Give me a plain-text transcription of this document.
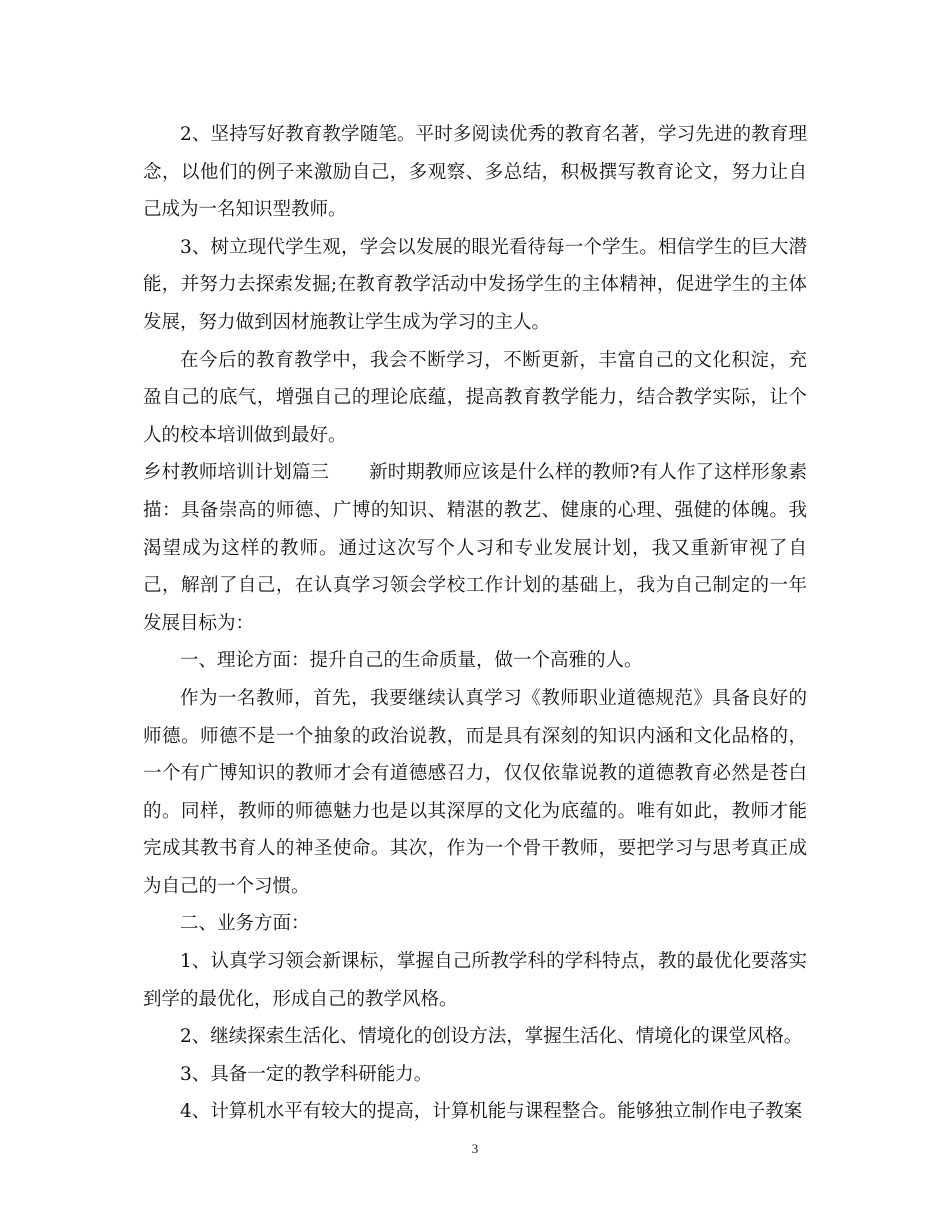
2、坚持写好教育教学随笔。平时多阅读优秀的教育名著，学习先进的教育理念，以他们的例子来激励自己，多观察、多总结，积极撰写教育论文，努力让自己成为一名知识型教师。

3、树立现代学生观，学会以发展的眼光看待每一个学生。相信学生的巨大潜能，并努力去探索发掘;在教育教学活动中发扬学生的主体精神，促进学生的主体发展，努力做到因材施教让学生成为学习的主人。

在今后的教育教学中，我会不断学习，不断更新，丰富自己的文化积淀，充盈自己的底气，增强自己的理论底蕴，提高教育教学能力，结合教学实际，让个人的校本培训做到最好。

乡村教师培训计划篇三 新时期教师应该是什么样的教师?有人作了这样形象素描：具备崇高的师德、广博的知识、精湛的教艺、健康的心理、强健的体魄。我渴望成为这样的教师。通过这次写个人习和专业发展计划，我又重新审视了自己，解剖了自己，在认真学习领会学校工作计划的基础上，我为自己制定的一年发展目标为：

一、理论方面：提升自己的生命质量，做一个高雅的人。

作为一名教师，首先，我要继续认真学习《教师职业道德规范》具备良好的师德。师德不是一个抽象的政治说教，而是具有深刻的知识内涵和文化品格的，一个有广博知识的教师才会有道德感召力，仅仅依靠说教的道德教育必然是苍白的。同样，教师的师德魅力也是以其深厚的文化为底蕴的。唯有如此，教师才能完成其教书育人的神圣使命。其次，作为一个骨干教师，要把学习与思考真正成为自己的一个习惯。

二、业务方面：

1、认真学习领会新课标，掌握自己所教学科的学科特点，教的最优化要落实到学的最优化，形成自己的教学风格。

2、继续探索生活化、情境化的创设方法，掌握生活化、情境化的课堂风格。

3、具备一定的教学科研能力。

4、计算机水平有较大的提高，计算机能与课程整合。能够独立制作电子教案

3
